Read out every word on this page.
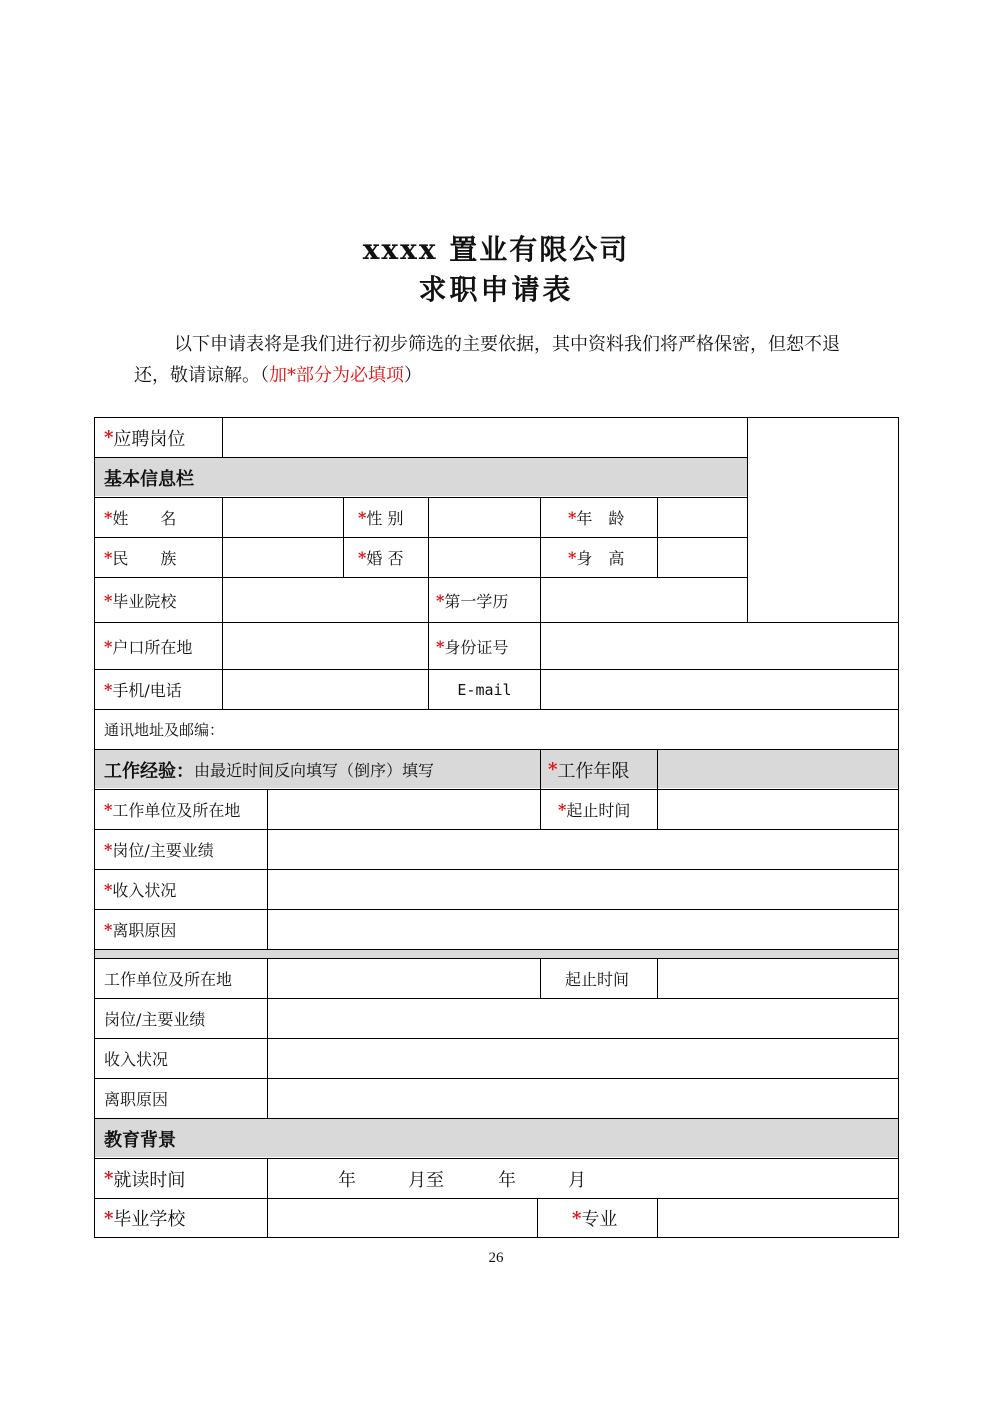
xxxx 置业有限公司
求职申请表
以下申请表将是我们进行初步筛选的主要依据，其中资料我们将严格保密，但恕不退还，敬请谅解。（加*部分为必填项）
* 应聘岗位
基本信息栏
* 姓　　名	* 性 别	* 年　龄
* 民　　族	* 婚 否	* 身　高
* 毕业院校	* 第一学历
* 户口所在地	* 身份证号
* 手机/电话	E-mail
通讯地址及邮编：
工作经验： 由最近时间反向填写（倒序）填写	* 工作年限
* 工作单位及所在地	* 起止时间
* 岗位/主要业绩
* 收入状况
* 离职原因
工作单位及所在地	起止时间
岗位/主要业绩
收入状况
离职原因
教育背景
* 就读时间	年	月至	年	月
* 毕业学校	* 专业
26
